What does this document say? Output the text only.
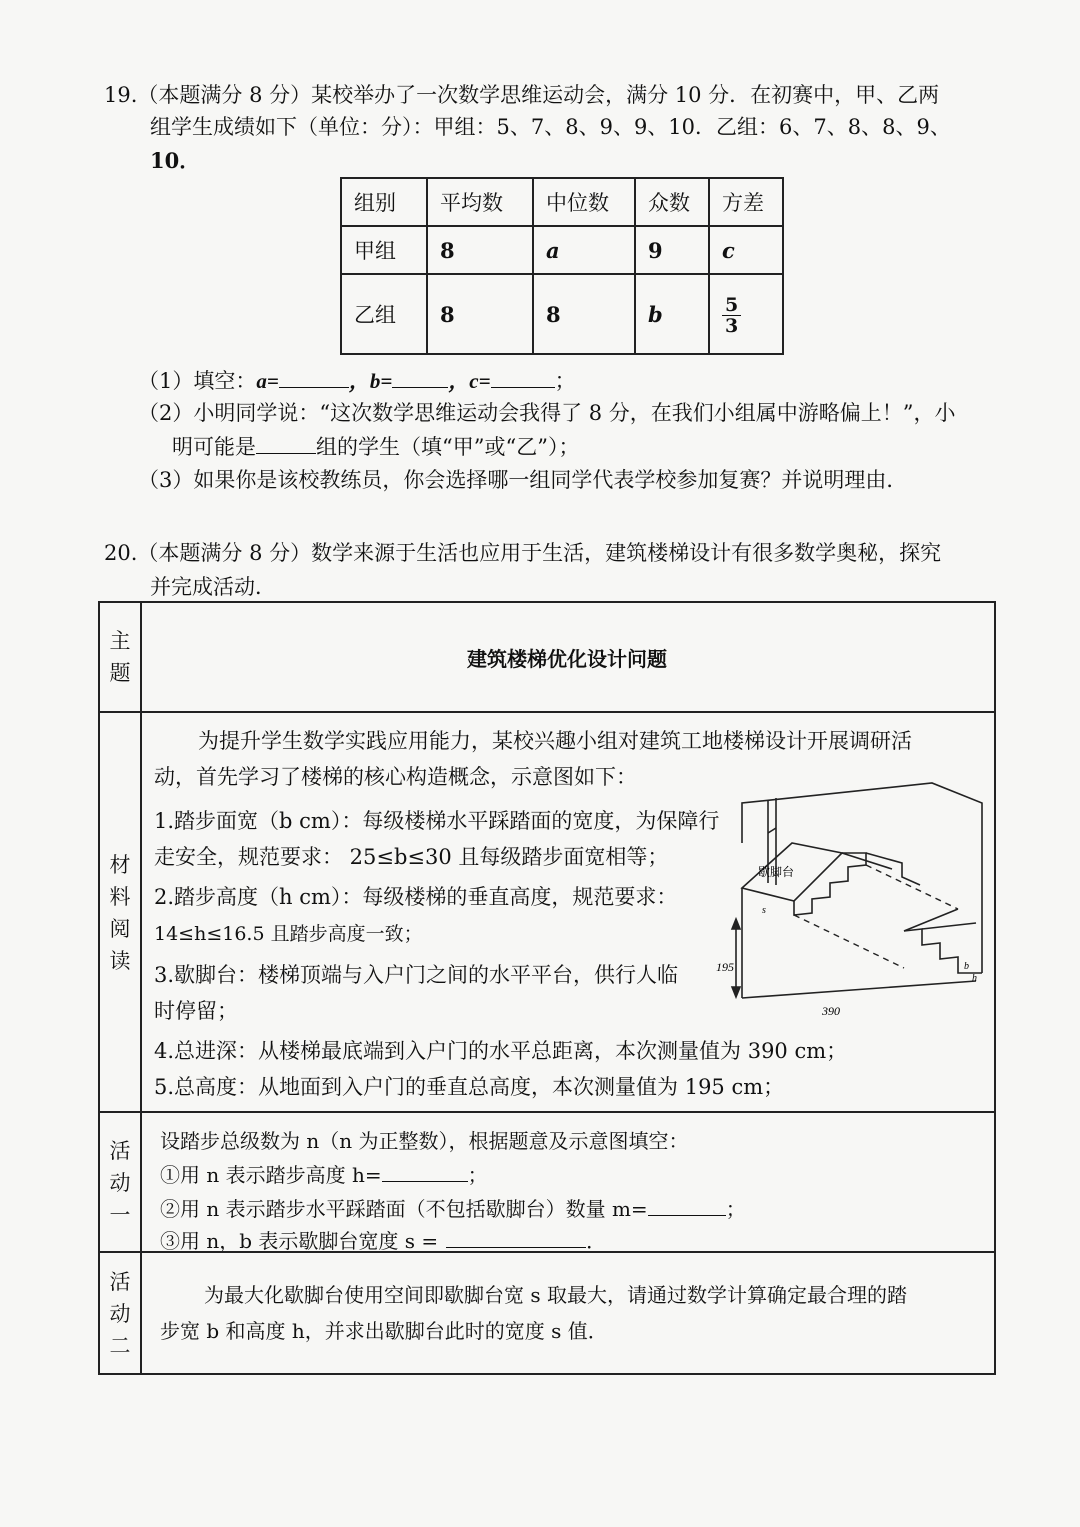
19.（本题满分 8 分）某校举办了一次数学思维运动会，满分 10 分．在初赛中，甲、乙两
组学生成绩如下（单位：分）：甲组：5、7、8、9、9、10．乙组：6、7、8、8、9、
10．
组别	平均数	中位数	众数	方差
甲组	8	a	9	c
乙组	8	8	b	$\frac{5}{3}$
（1）填空：a=	，b=	，c=	；
（2）小明同学说：“这次数学思维运动会我得了 8 分，在我们小组属中游略偏上！”，小
明可能是	组的学生（填“甲”或“乙”）；
（3）如果你是该校教练员，你会选择哪一组同学代表学校参加复赛？并说明理由．
20.（本题满分 8 分）数学来源于生活也应用于生活，建筑楼梯设计有很多数学奥秘，探究
并完成活动．
主
题
建筑楼梯优化设计问题
材
料
阅
读
为提升学生数学实践应用能力，某校兴趣小组对建筑工地楼梯设计开展调研活
动，首先学习了楼梯的核心构造概念，示意图如下：
1.踏步面宽（b cm）：每级楼梯水平踩踏面的宽度，为保障行
走安全，规范要求： 25≤b≤30 且每级踏步面宽相等；
2.踏步高度（h cm）：每级楼梯的垂直高度，规范要求：
14≤h≤16.5 且踏步高度一致；
3.歇脚台：楼梯顶端与入户门之间的水平平台，供行人临
时停留；
4.总进深：从楼梯最底端到入户门的水平总距离，本次测量值为 390 cm；
5.总高度：从地面到入户门的垂直总高度，本次测量值为 195 cm；
歇脚台
s
195
390
b
h
活
动
一
设踏步总级数为 n（n 为正整数），根据题意及示意图填空：
①用 n 表示踏步高度 h=	；
②用 n 表示踏步水平踩踏面（不包括歇脚台）数量 m=	；
③用 n，b 表示歇脚台宽度 s =	．
活
动
二
为最大化歇脚台使用空间即歇脚台宽 s 取最大，请通过数学计算确定最合理的踏
步宽 b 和高度 h，并求出歇脚台此时的宽度 s 值．
